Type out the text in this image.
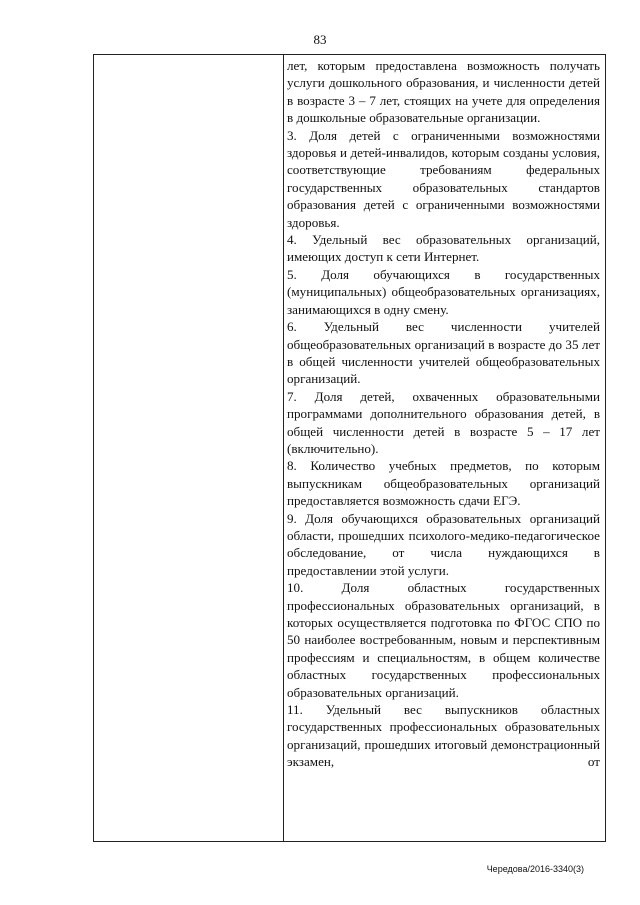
83

лет, которым предоставлена возможность получать услуги дошкольного образования, и численности детей в возрасте 3 – 7 лет, стоящих на учете для определения в дошкольные образовательные организации.

3. Доля детей с ограниченными возможностями здоровья и детей-инвалидов, которым созданы условия, соответствующие требованиям федеральных государственных образовательных стандартов образования детей с ограниченными возможностями здоровья.

4. Удельный вес образовательных организаций, имеющих доступ к сети Интернет.

5. Доля обучающихся в государственных (муниципальных) общеобразовательных организациях, занимающихся в одну смену.

6. Удельный вес численности учителей общеобразовательных организаций в возрасте до 35 лет в общей численности учителей общеобразовательных организаций.

7. Доля детей, охваченных образовательными программами дополнительного образования детей, в общей численности детей в возрасте 5 – 17 лет (включительно).

8. Количество учебных предметов, по которым выпускникам общеобразовательных организаций предоставляется возможность сдачи ЕГЭ.

9. Доля обучающихся образовательных организаций области, прошедших психолого-медико-педагогическое обследование, от числа нуждающихся в предоставлении этой услуги.

10. Доля областных государственных профессиональных образовательных организаций, в которых осуществляется подготовка по ФГОС СПО по 50 наиболее востребованным, новым и перспективным профессиям и специальностям, в общем количестве областных государственных профессиональных образовательных организаций.

11. Удельный вес выпускников областных государственных профессиональных образовательных организаций, прошедших итоговый демонстрационный экзамен, от

Чередова/2016-3340(3)
